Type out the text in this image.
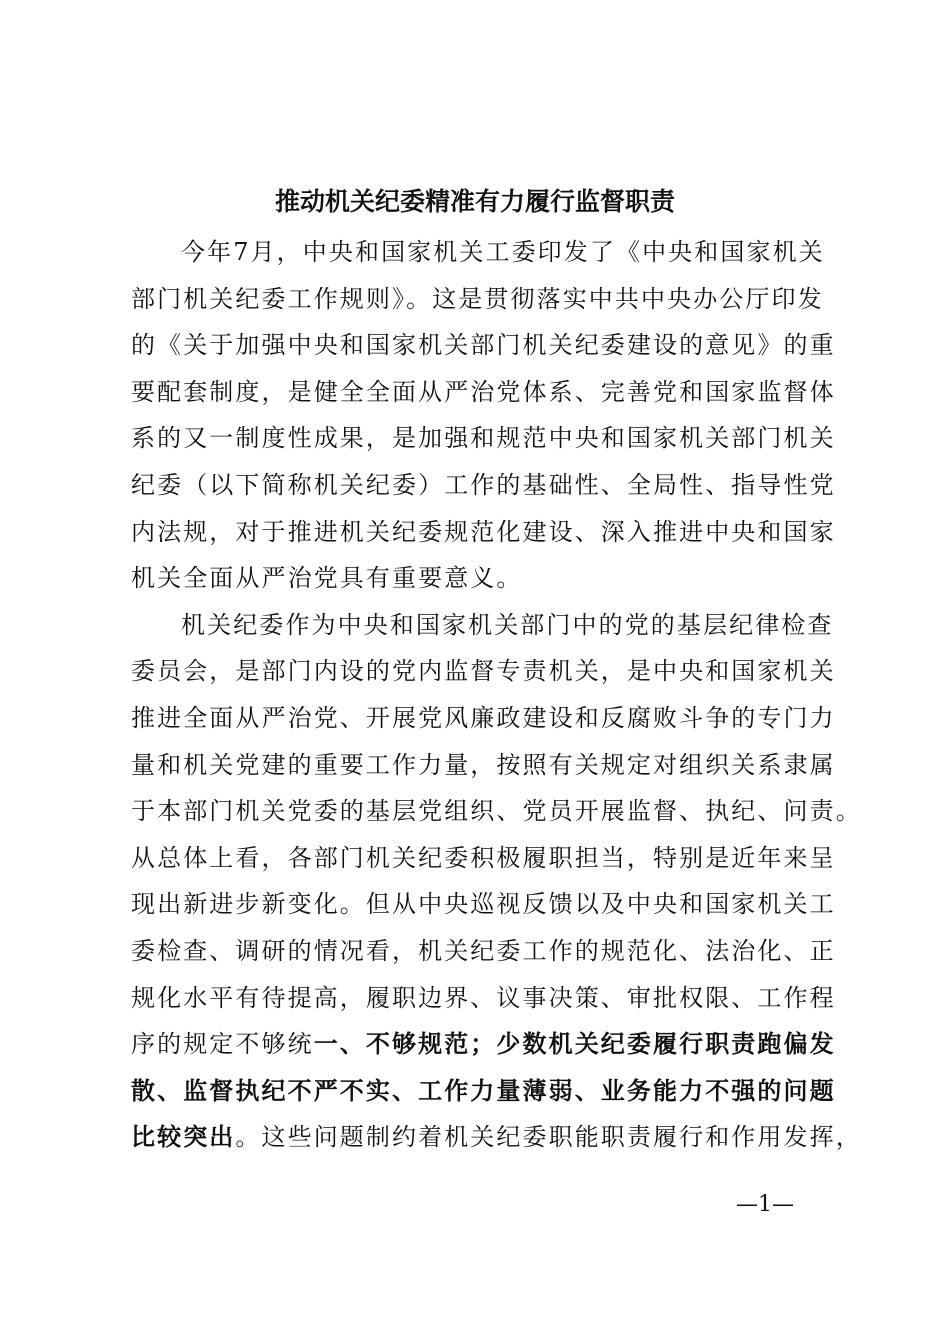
推动机关纪委精准有力履行监督职责
今年7月，中央和国家机关工委印发了《中央和国家机关
部门机关纪委工作规则》。这是贯彻落实中共中央办公厅印发
的《关于加强中央和国家机关部门机关纪委建设的意见》的重
要配套制度，是健全全面从严治党体系、完善党和国家监督体
系的又一制度性成果，是加强和规范中央和国家机关部门机关
纪委（以下简称机关纪委）工作的基础性、全局性、指导性党
内法规，对于推进机关纪委规范化建设、深入推进中央和国家
机关全面从严治党具有重要意义。
机关纪委作为中央和国家机关部门中的党的基层纪律检查
委员会，是部门内设的党内监督专责机关，是中央和国家机关
推进全面从严治党、开展党风廉政建设和反腐败斗争的专门力
量和机关党建的重要工作力量，按照有关规定对组织关系隶属
于本部门机关党委的基层党组织、党员开展监督、执纪、问责。
从总体上看，各部门机关纪委积极履职担当，特别是近年来呈
现出新进步新变化。但从中央巡视反馈以及中央和国家机关工
委检查、调研的情况看，机关纪委工作的规范化、法治化、正
规化水平有待提高，履职边界、议事决策、审批权限、工作程
序的规定不够统一、不够规范；少数机关纪委履行职责跑偏发
散、监督执纪不严不实、工作力量薄弱、业务能力不强的问题
比较突出。这些问题制约着机关纪委职能职责履行和作用发挥，
—1—
